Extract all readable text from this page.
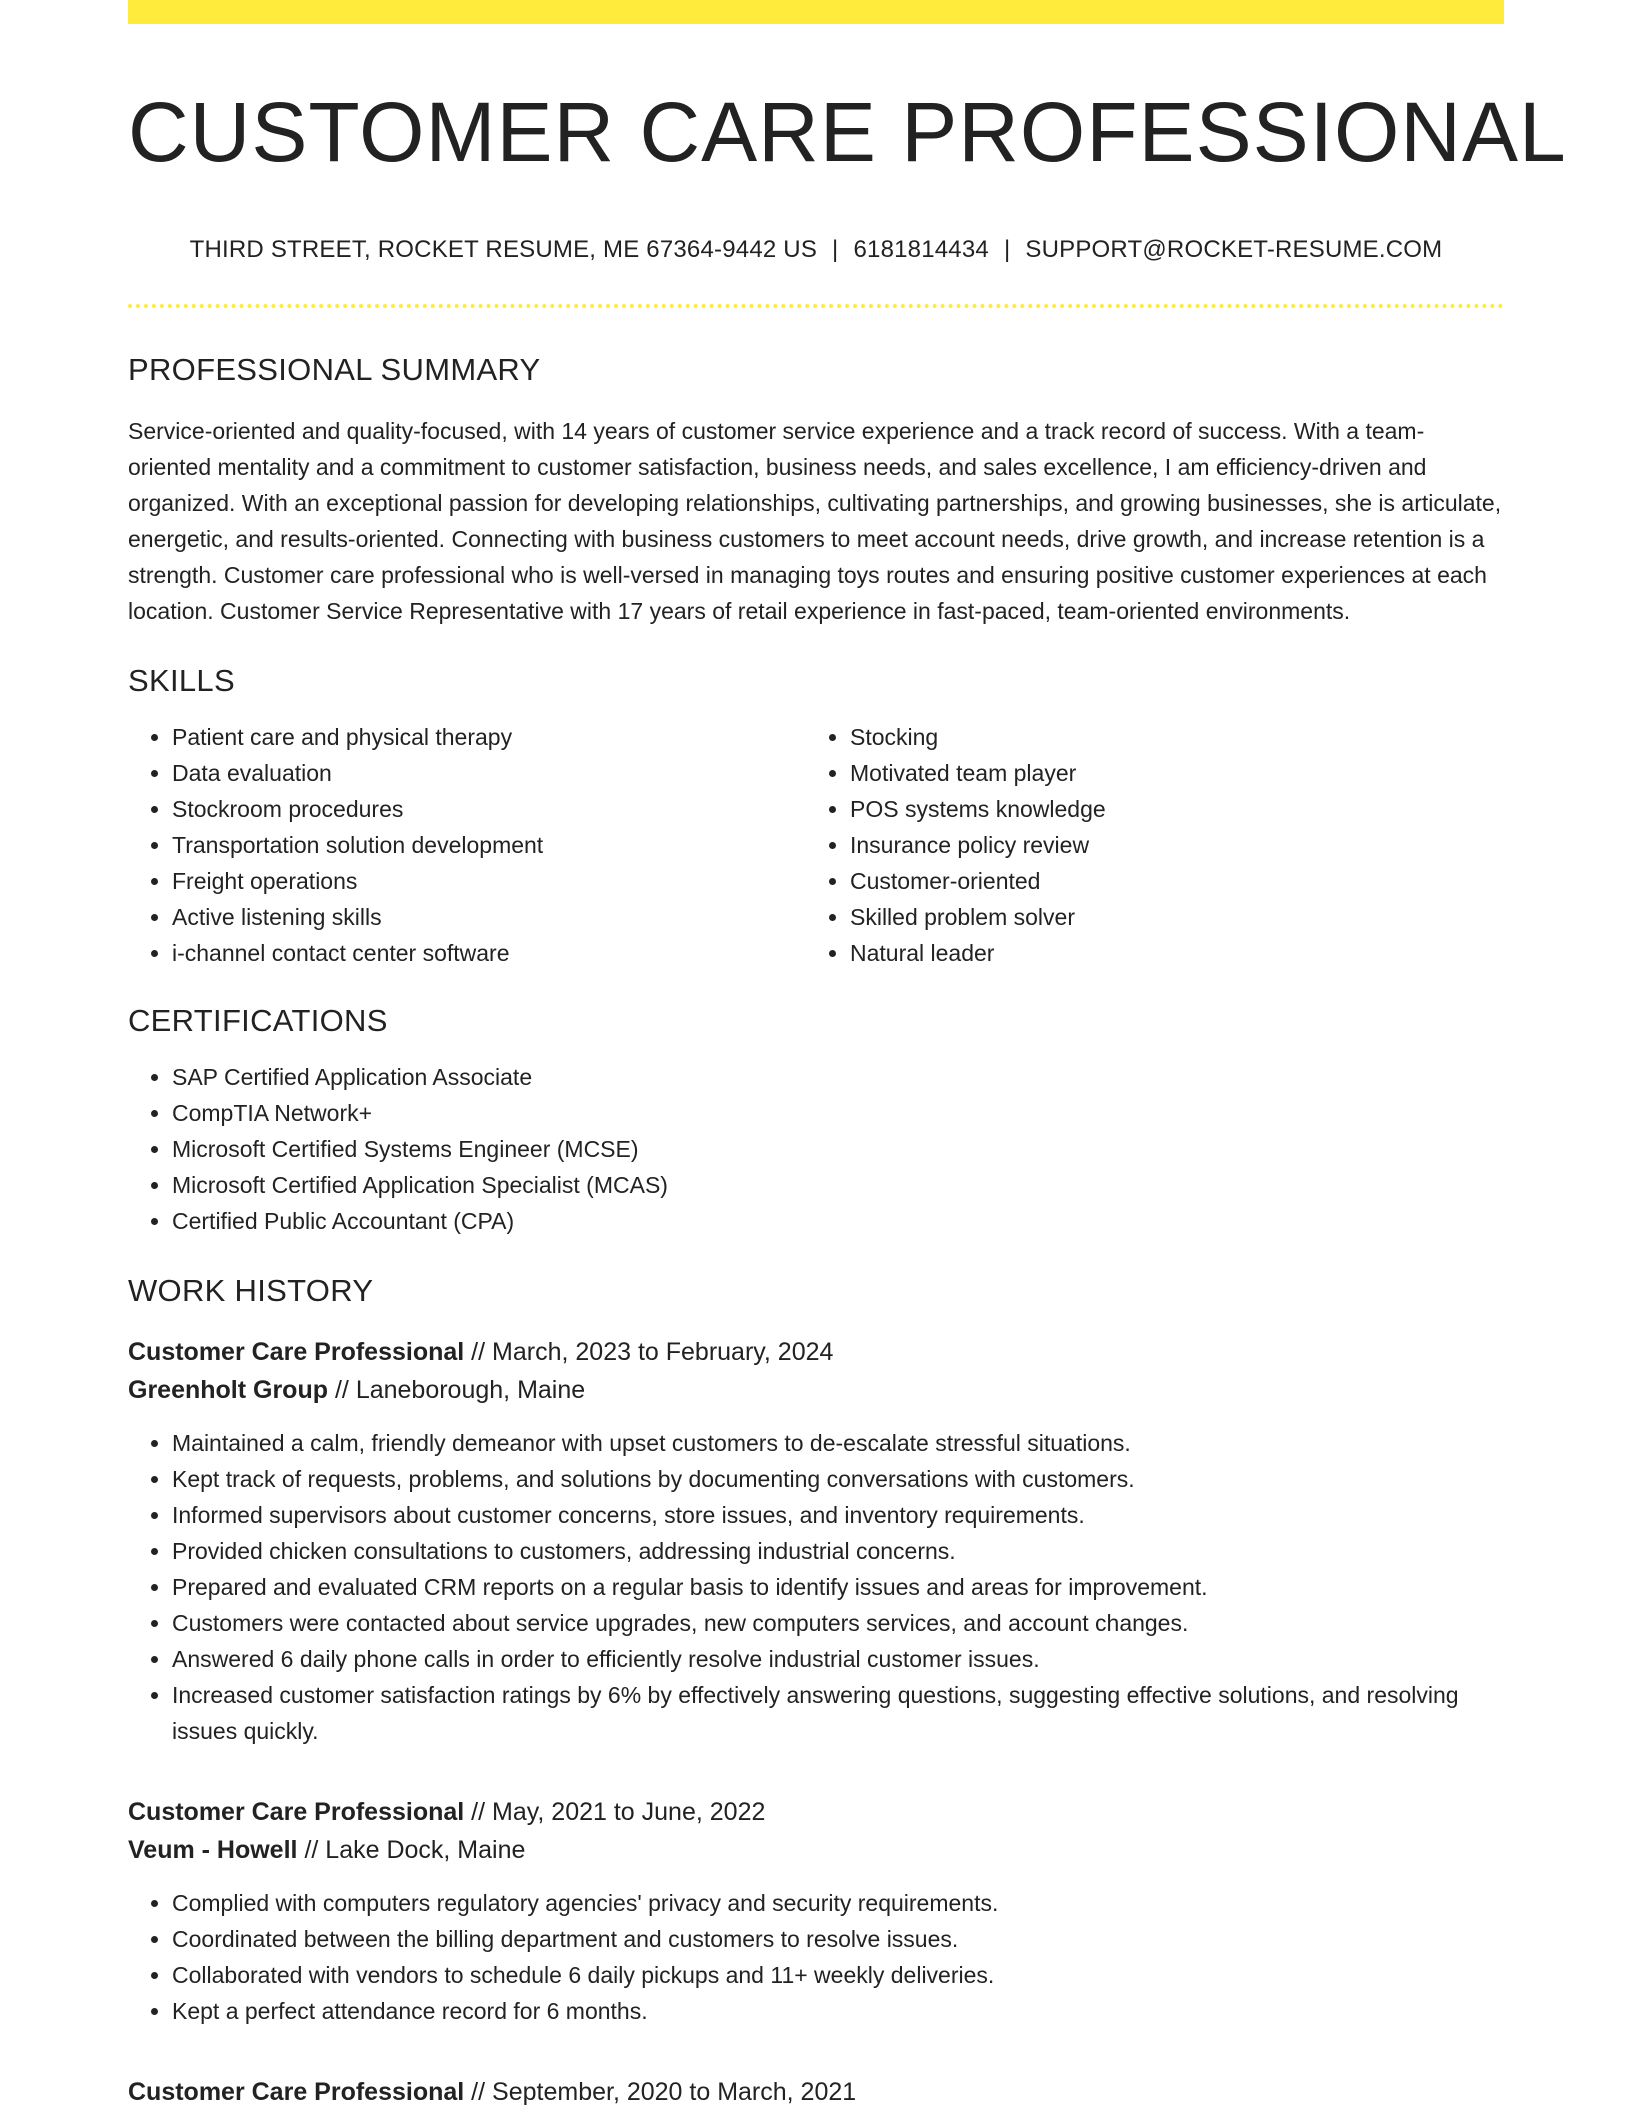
CUSTOMER CARE PROFESSIONAL
THIRD STREET, ROCKET RESUME, ME 67364-9442 US | 6181814434 | SUPPORT@ROCKET-RESUME.COM
PROFESSIONAL SUMMARY
Service-oriented and quality-focused, with 14 years of customer service experience and a track record of success. With a team-oriented mentality and a commitment to customer satisfaction, business needs, and sales excellence, I am efficiency-driven and organized. With an exceptional passion for developing relationships, cultivating partnerships, and growing businesses, she is articulate, energetic, and results-oriented. Connecting with business customers to meet account needs, drive growth, and increase retention is a strength. Customer care professional who is well-versed in managing toys routes and ensuring positive customer experiences at each location. Customer Service Representative with 17 years of retail experience in fast-paced, team-oriented environments.
SKILLS
• Patient care and physical therapy
• Data evaluation
• Stockroom procedures
• Transportation solution development
• Freight operations
• Active listening skills
• i-channel contact center software
• Stocking
• Motivated team player
• POS systems knowledge
• Insurance policy review
• Customer-oriented
• Skilled problem solver
• Natural leader
CERTIFICATIONS
• SAP Certified Application Associate
• CompTIA Network+
• Microsoft Certified Systems Engineer (MCSE)
• Microsoft Certified Application Specialist (MCAS)
• Certified Public Accountant (CPA)
WORK HISTORY
Customer Care Professional // March, 2023 to February, 2024
Greenholt Group // Laneborough, Maine
• Maintained a calm, friendly demeanor with upset customers to de-escalate stressful situations.
• Kept track of requests, problems, and solutions by documenting conversations with customers.
• Informed supervisors about customer concerns, store issues, and inventory requirements.
• Provided chicken consultations to customers, addressing industrial concerns.
• Prepared and evaluated CRM reports on a regular basis to identify issues and areas for improvement.
• Customers were contacted about service upgrades, new computers services, and account changes.
• Answered 6 daily phone calls in order to efficiently resolve industrial customer issues.
• Increased customer satisfaction ratings by 6% by effectively answering questions, suggesting effective solutions, and resolving issues quickly.
Customer Care Professional // May, 2021 to June, 2022
Veum - Howell // Lake Dock, Maine
• Complied with computers regulatory agencies' privacy and security requirements.
• Coordinated between the billing department and customers to resolve issues.
• Collaborated with vendors to schedule 6 daily pickups and 11+ weekly deliveries.
• Kept a perfect attendance record for 6 months.
Customer Care Professional // September, 2020 to March, 2021
